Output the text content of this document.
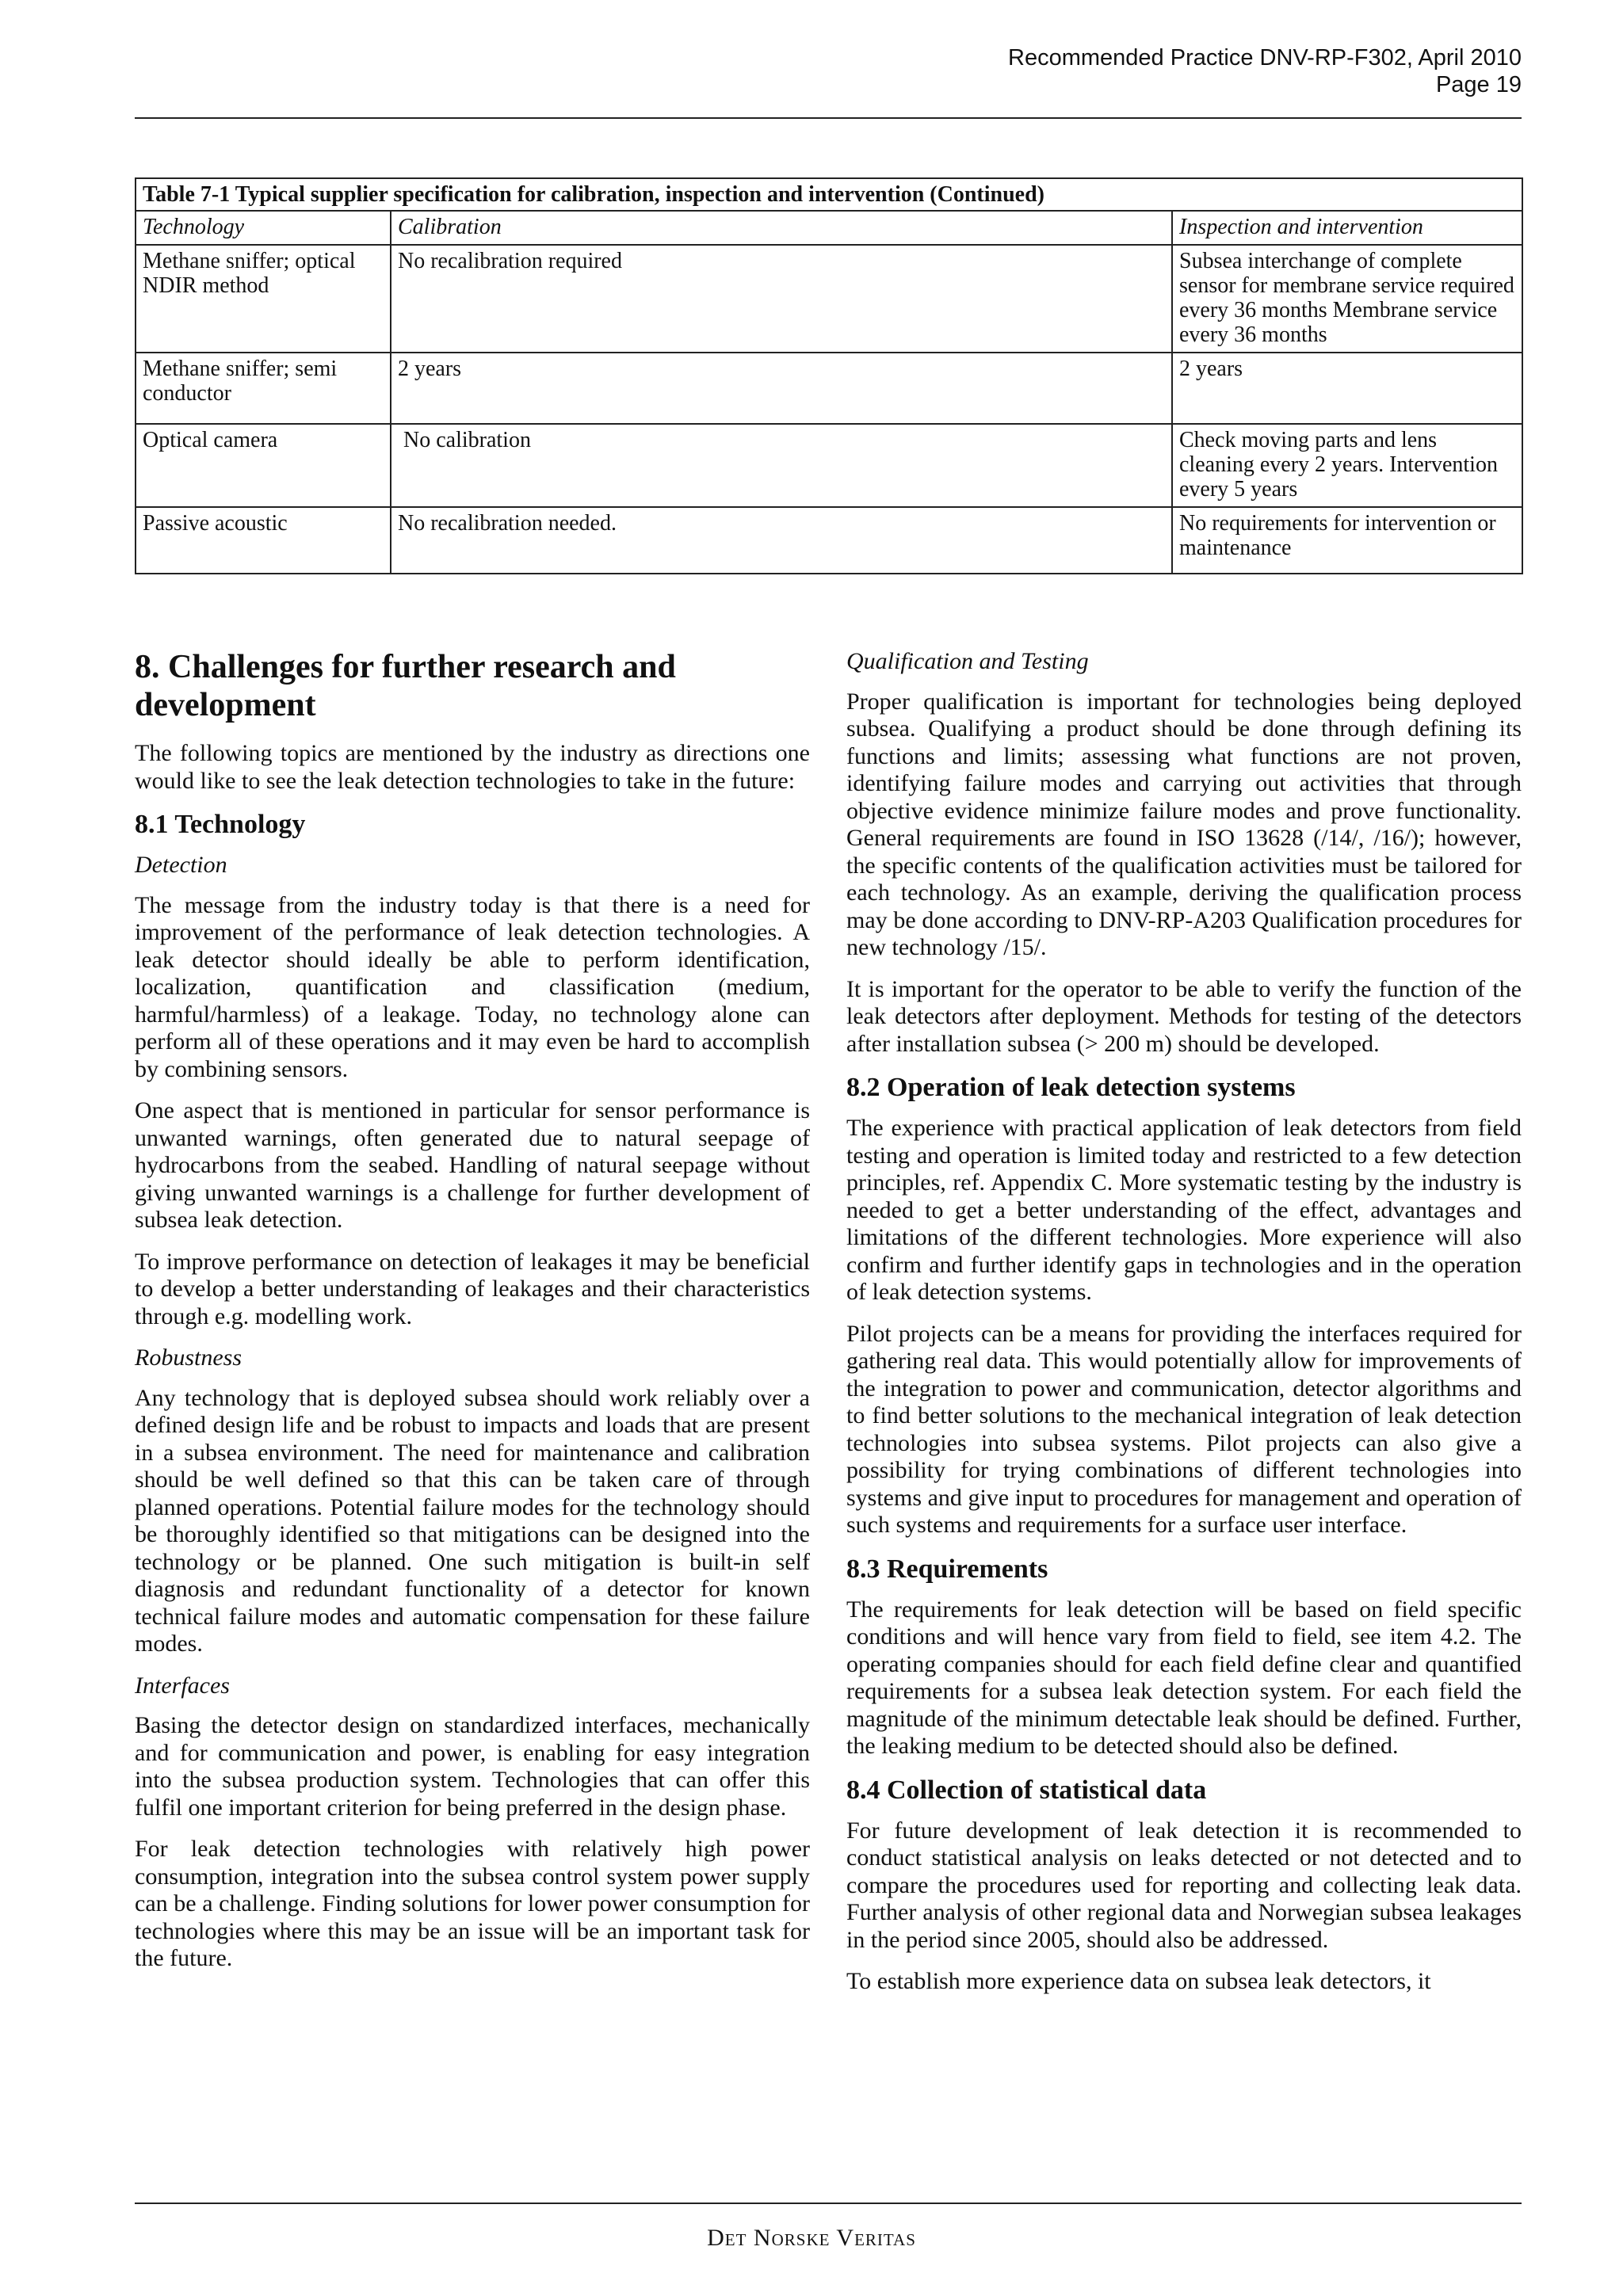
Recommended Practice DNV-RP-F302, April 2010
Page 19
Table 7-1 Typical supplier specification for calibration, inspection and intervention (Continued)		
Technology	Calibration	Inspection and intervention
Methane sniffer; optical NDIR method	No recalibration required	Subsea interchange of complete sensor for membrane service required every 36 months Membrane service every 36 months
Methane sniffer; semi conductor	2 years	2 years
Optical camera	No calibration	Check moving parts and lens cleaning every 2 years. Intervention every 5 years
Passive acoustic	No recalibration needed.	No requirements for intervention or maintenance
8. Challenges for further research and development

The following topics are mentioned by the industry as directions one would like to see the leak detection technologies to take in the future:

8.1 Technology
Detection

The message from the industry today is that there is a need for improvement of the performance of leak detection technologies. A leak detector should ideally be able to perform identification, localization, quantification and classification (medium, harmful/harmless) of a leakage. Today, no technology alone can perform all of these operations and it may even be hard to accomplish by combining sensors.

One aspect that is mentioned in particular for sensor performance is unwanted warnings, often generated due to natural seepage of hydrocarbons from the seabed. Handling of natural seepage without giving unwanted warnings is a challenge for further development of subsea leak detection.

To improve performance on detection of leakages it may be beneficial to develop a better understanding of leakages and their characteristics through e.g. modelling work.

Robustness

Any technology that is deployed subsea should work reliably over a defined design life and be robust to impacts and loads that are present in a subsea environment. The need for maintenance and calibration should be well defined so that this can be taken care of through planned operations. Potential failure modes for the technology should be thoroughly identified so that mitigations can be designed into the technology or be planned. One such mitigation is built-in self diagnosis and redundant functionality of a detector for known technical failure modes and automatic compensation for these failure modes.

Interfaces

Basing the detector design on standardized interfaces, mechanically and for communication and power, is enabling for easy integration into the subsea production system. Technologies that can offer this fulfil one important criterion for being preferred in the design phase.

For leak detection technologies with relatively high power consumption, integration into the subsea control system power supply can be a challenge. Finding solutions for lower power consumption for technologies where this may be an issue will be an important task for the future.

Qualification and Testing

Proper qualification is important for technologies being deployed subsea. Qualifying a product should be done through defining its functions and limits; assessing what functions are not proven, identifying failure modes and carrying out activities that through objective evidence minimize failure modes and prove functionality. General requirements are found in ISO 13628 (/14/, /16/); however, the specific contents of the qualification activities must be tailored for each technology. As an example, deriving the qualification process may be done according to DNV-RP-A203 Qualification procedures for new technology /15/.

It is important for the operator to be able to verify the function of the leak detectors after deployment. Methods for testing of the detectors after installation subsea (> 200 m) should be developed.

8.2 Operation of leak detection systems

The experience with practical application of leak detectors from field testing and operation is limited today and restricted to a few detection principles, ref. Appendix C. More systematic testing by the industry is needed to get a better understanding of the effect, advantages and limitations of the different technologies. More experience will also confirm and further identify gaps in technologies and in the operation of leak detection systems.

Pilot projects can be a means for providing the interfaces required for gathering real data. This would potentially allow for improvements of the integration to power and communication, detector algorithms and to find better solutions to the mechanical integration of leak detection technologies into subsea systems. Pilot projects can also give a possibility for trying combinations of different technologies into systems and give input to procedures for management and operation of such systems and requirements for a surface user interface.

8.3 Requirements

The requirements for leak detection will be based on field specific conditions and will hence vary from field to field, see item 4.2. The operating companies should for each field define clear and quantified requirements for a subsea leak detection system. For each field the magnitude of the minimum detectable leak should be defined. Further, the leaking medium to be detected should also be defined.

8.4 Collection of statistical data

For future development of leak detection it is recommended to conduct statistical analysis on leaks detected or not detected and to compare the procedures used for reporting and collecting leak data. Further analysis of other regional data and Norwegian subsea leakages in the period since 2005, should also be addressed.

To establish more experience data on subsea leak detectors, it

Det Norske Veritas
